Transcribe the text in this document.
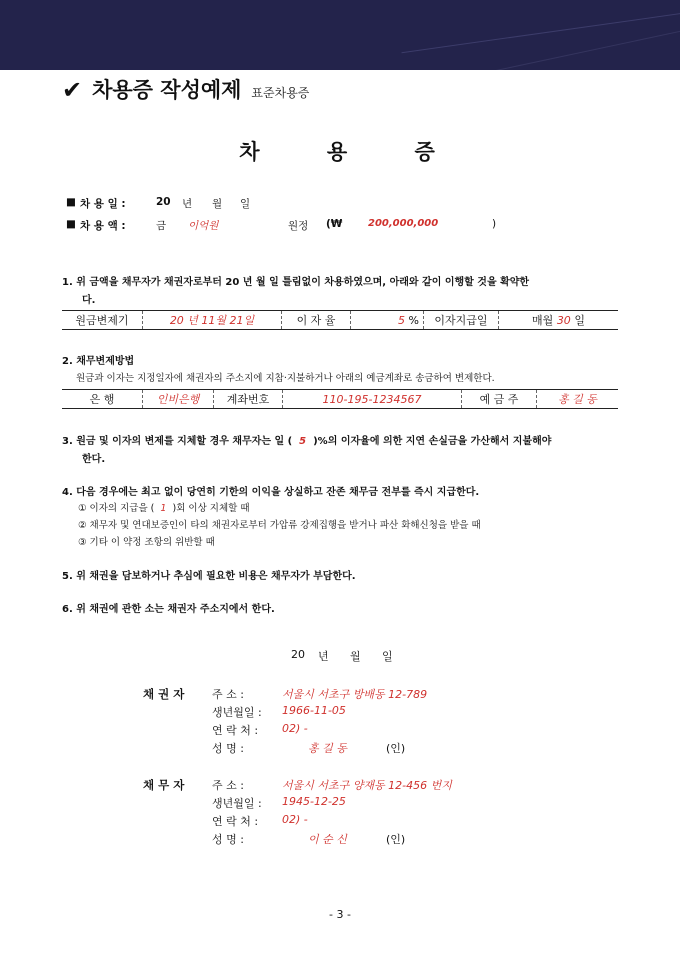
✔ 차용증 작성예제 표준차용증
차 용 증
■ 차 용 일 :	20 년 월 일
■ 차 용 액 :	금 이억원	원정 (₩	200,000,000	)
1. 위 금액을 채무자가 채권자로부터 20 년 월 일 틀림없이 차용하였으며, 아래와 같이 이행할 것을 확약한
다.
원금변제기	20 년 11월 21일	이 자 율	5 %	이자지급일	매월 30 일
2. 채무변제방법
원금과 이자는 지정일자에 채권자의 주소지에 지참·지불하거나 아래의 예금계좌로 송금하여 변제한다.
은 행	인비은행	계좌번호	110-195-1234567	예 금 주	홍 길 동
3. 원금 및 이자의 변제를 지체할 경우 채무자는 일 ( 5 )%의 이자율에 의한 지연 손실금을 가산해서 지불해야
한다.
4. 다음 경우에는 최고 없이 당연히 기한의 이익을 상실하고 잔존 채무금 전부를 즉시 지급한다.
① 이자의 지급을 ( 1 )회 이상 지체할 때
② 채무자 및 연대보증인이 타의 채권자로부터 가압류 강제집행을 받거나 파산 화해신청을 받을 때
③ 기타 이 약정 조항의 위반할 때
5. 위 채권을 담보하거나 추심에 필요한 비용은 채무자가 부담한다.
6. 위 채권에 관한 소는 채권자 주소지에서 한다.
20 년 월 일
채 권 자	주 소 :	서울시 서초구 방배동 12-789
생년월일 : 1966-11-05
연 락 처 : 02) -
성 명 :	홍 길 동	(인)
채 무 자	주 소 :	서울시 서초구 양재동 12-456 번지
생년월일 : 1945-12-25
연 락 처 : 02) -
성 명 :	이 순 신	(인)
- 3 -
